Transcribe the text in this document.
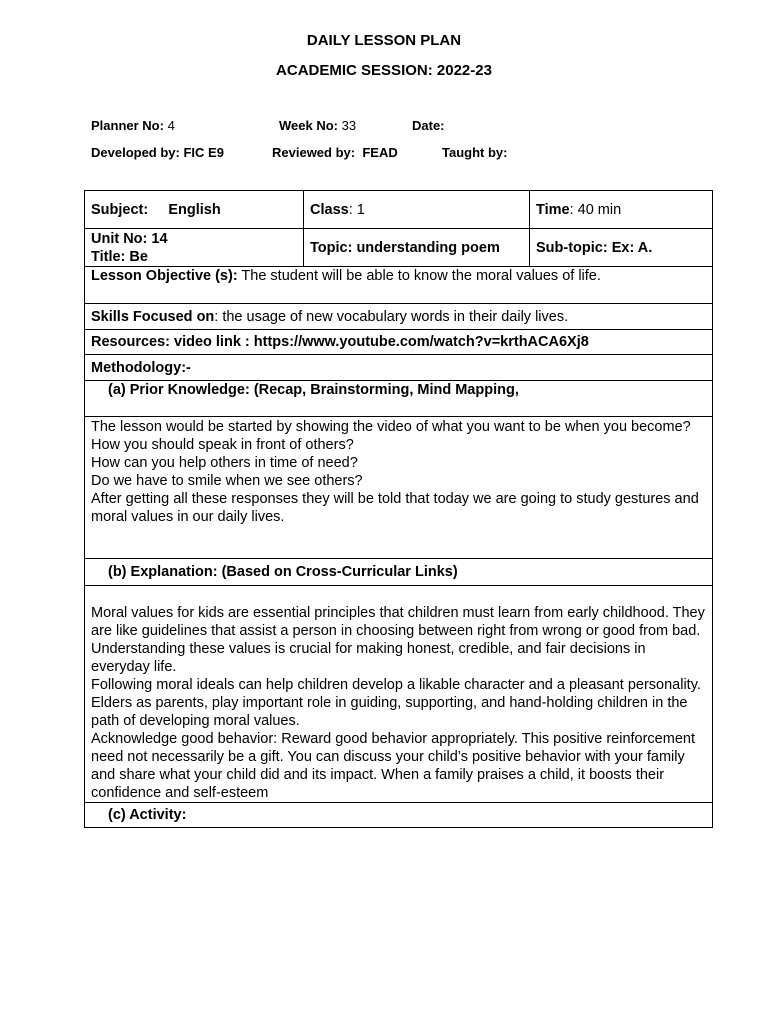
DAILY LESSON PLAN
ACADEMIC SESSION: 2022-23
Planner No: 4	Week No: 33	Date:
Developed by: FIC E9	Reviewed by: FEAD	Taught by:
Subject: English	Class: 1	Time: 40 min

Unit No: 14
Title: Be	Topic: understanding poem	Sub-topic: Ex: A.
Lesson Objective (s): The student will be able to know the moral values of life.		
Skills Focused on: the usage of new vocabulary words in their daily lives.		
Resources: video link : https://www.youtube.com/watch?v=krthACA6Xj8		
Methodology:-		
(a) Prior Knowledge: (Recap, Brainstorming, Mind Mapping,		

The lesson would be started by showing the video of what you want to be when you become?
How you should speak in front of others?
How can you help others in time of need?
Do we have to smile when we see others?
After getting all these responses they will be told that today we are going to study gestures and moral values in our daily lives.		

(b) Explanation: (Based on Cross-Curricular Links)		

Moral values for kids are essential principles that children must learn from early childhood. They are like guidelines that assist a person in choosing between right from wrong or good from bad. Understanding these values is crucial for making honest, credible, and fair decisions in everyday life.
Following moral ideals can help children develop a likable character and a pleasant personality. Elders as parents, play important role in guiding, supporting, and hand-holding children in the path of developing moral values.
Acknowledge good behavior: Reward good behavior appropriately. This positive reinforcement need not necessarily be a gift. You can discuss your child’s positive behavior with your family and share what your child did and its impact. When a family praises a child, it boosts their confidence and self-esteem		

(c) Activity:		
